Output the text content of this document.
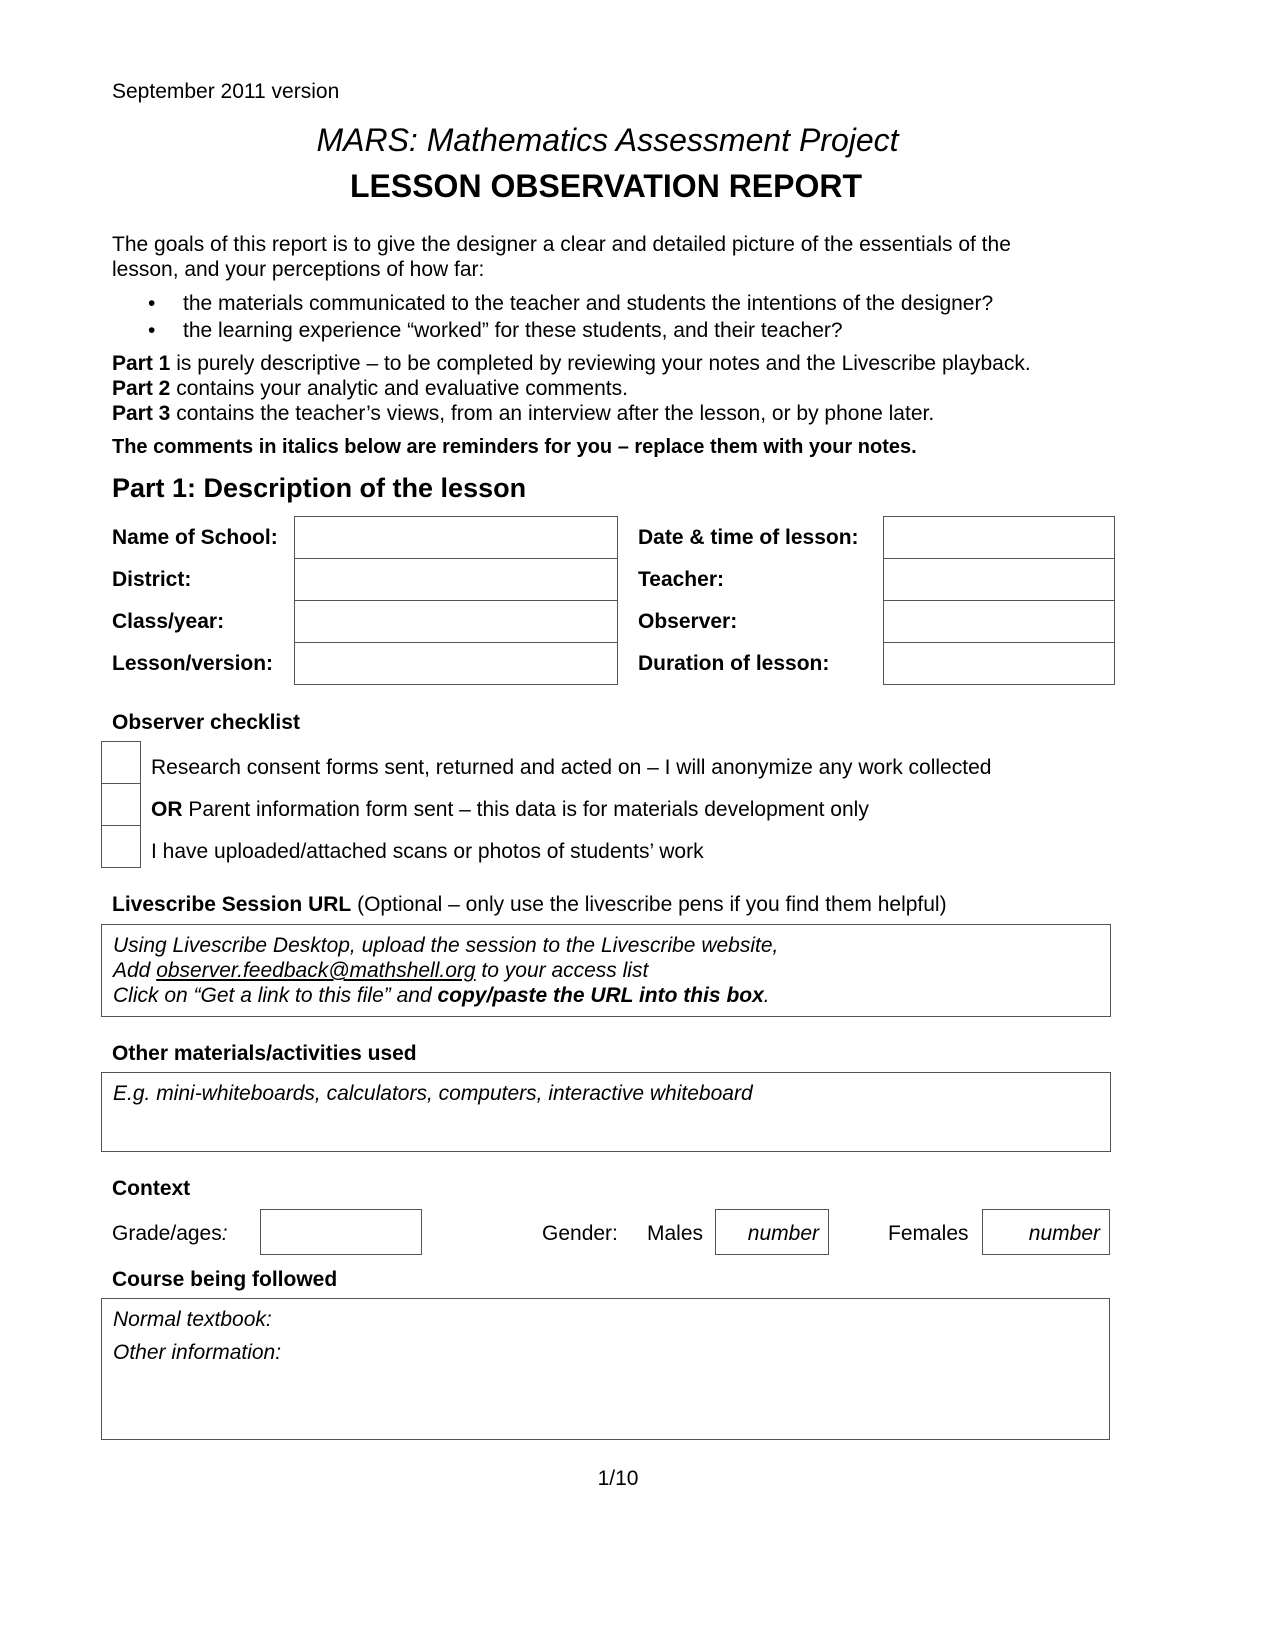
September 2011 version
MARS: Mathematics Assessment Project
LESSON OBSERVATION REPORT
The goals of this report is to give the designer a clear and detailed picture of the essentials of the
lesson, and your perceptions of how far:
• the materials communicated to the teacher and students the intentions of the designer?
• the learning experience “worked” for these students, and their teacher?
Part 1 is purely descriptive – to be completed by reviewing your notes and the Livescribe playback.
Part 2 contains your analytic and evaluative comments.
Part 3 contains the teacher’s views, from an interview after the lesson, or by phone later.
The comments in italics below are reminders for you – replace them with your notes.
Part 1: Description of the lesson
Name of School:
District:
Class/year:
Lesson/version:
Date & time of lesson:
Teacher:
Observer:
Duration of lesson:
Observer checklist
Research consent forms sent, returned and acted on – I will anonymize any work collected
OR Parent information form sent – this data is for materials development only
I have uploaded/attached scans or photos of students’ work
Livescribe Session URL (Optional – only use the livescribe pens if you find them helpful)
Using Livescribe Desktop, upload the session to the Livescribe website,
Add observer.feedback@mathshell.org to your access list
Click on “Get a link to this file” and copy/paste the URL into this box.
Other materials/activities used
E.g. mini-whiteboards, calculators, computers, interactive whiteboard
Context
Grade/ages:	Gender: Males number	Females	number
Course being followed
Normal textbook:
Other information:
1/10
